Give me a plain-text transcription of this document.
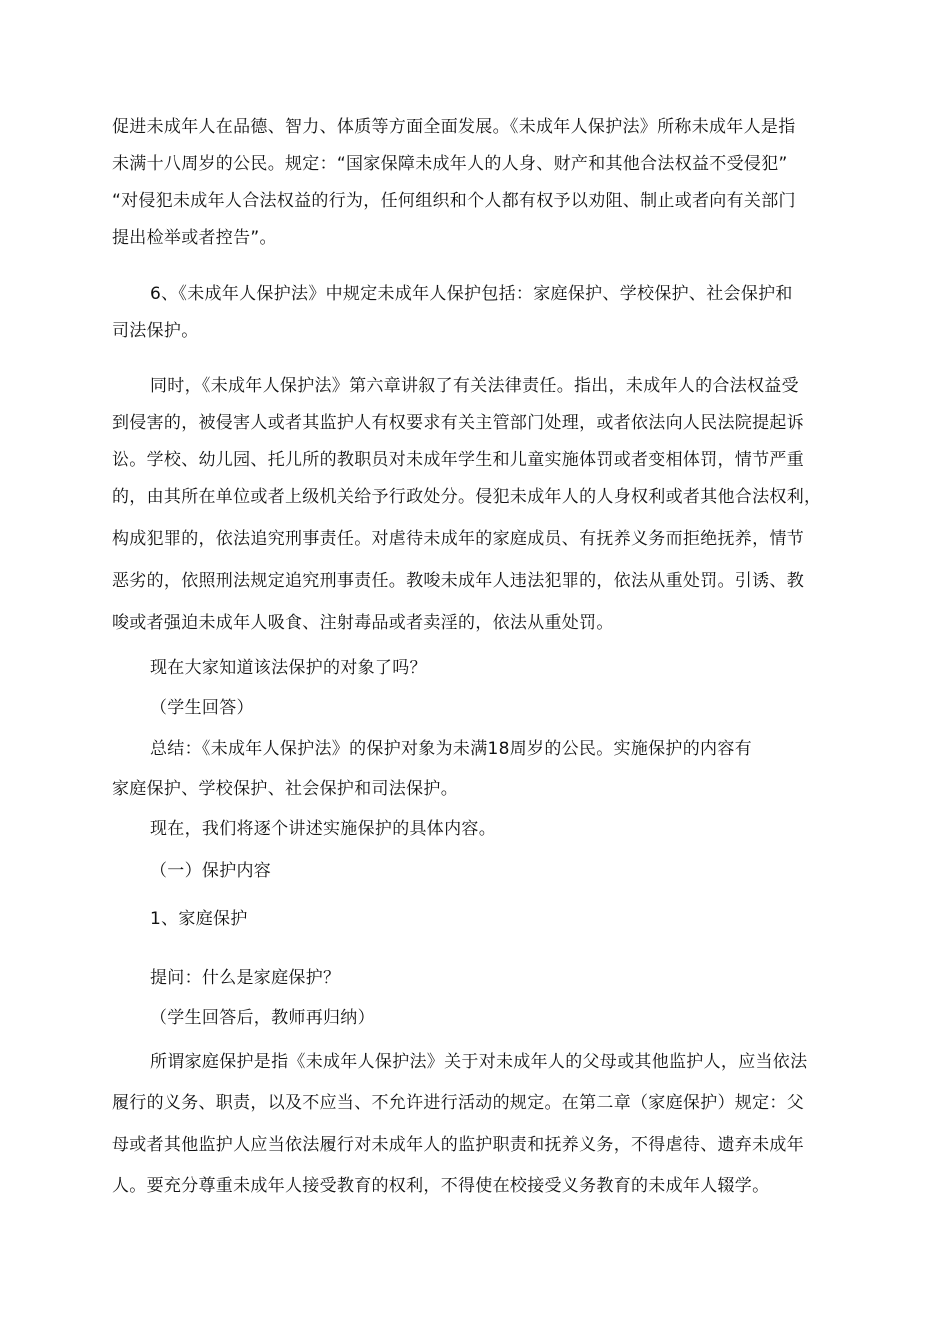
促进未成年人在品德、智力、体质等方面全面发展。《未成年人保护法》所称未成年人是指
未满十八周岁的公民。规定：“国家保障未成年人的人身、财产和其他合法权益不受侵犯”
“对侵犯未成年人合法权益的行为，任何组织和个人都有权予以劝阻、制止或者向有关部门
提出检举或者控告”。
6、《未成年人保护法》中规定未成年人保护包括：家庭保护、学校保护、社会保护和
司法保护。
同时，《未成年人保护法》第六章讲叙了有关法律责任。指出，未成年人的合法权益受
到侵害的，被侵害人或者其监护人有权要求有关主管部门处理，或者依法向人民法院提起诉
讼。学校、幼儿园、托儿所的教职员对未成年学生和儿童实施体罚或者变相体罚，情节严重
的，由其所在单位或者上级机关给予行政处分。侵犯未成年人的人身权利或者其他合法权利，
构成犯罪的，依法追究刑事责任。对虐待未成年的家庭成员、有抚养义务而拒绝抚养，情节
恶劣的，依照刑法规定追究刑事责任。教唆未成年人违法犯罪的，依法从重处罚。引诱、教
唆或者强迫未成年人吸食、注射毒品或者卖淫的，依法从重处罚。
现在大家知道该法保护的对象了吗？
（学生回答）
总结：《未成年人保护法》的保护对象为未满18周岁的公民。实施保护的内容有
家庭保护、学校保护、社会保护和司法保护。
现在，我们将逐个讲述实施保护的具体内容。
（一）保护内容
1、家庭保护
提问：什么是家庭保护？
（学生回答后，教师再归纳）
所谓家庭保护是指《未成年人保护法》关于对未成年人的父母或其他监护人，应当依法
履行的义务、职责，以及不应当、不允许进行活动的规定。在第二章（家庭保护）规定：父
母或者其他监护人应当依法履行对未成年人的监护职责和抚养义务，不得虐待、遗弃未成年
人。要充分尊重未成年人接受教育的权利，不得使在校接受义务教育的未成年人辍学。
